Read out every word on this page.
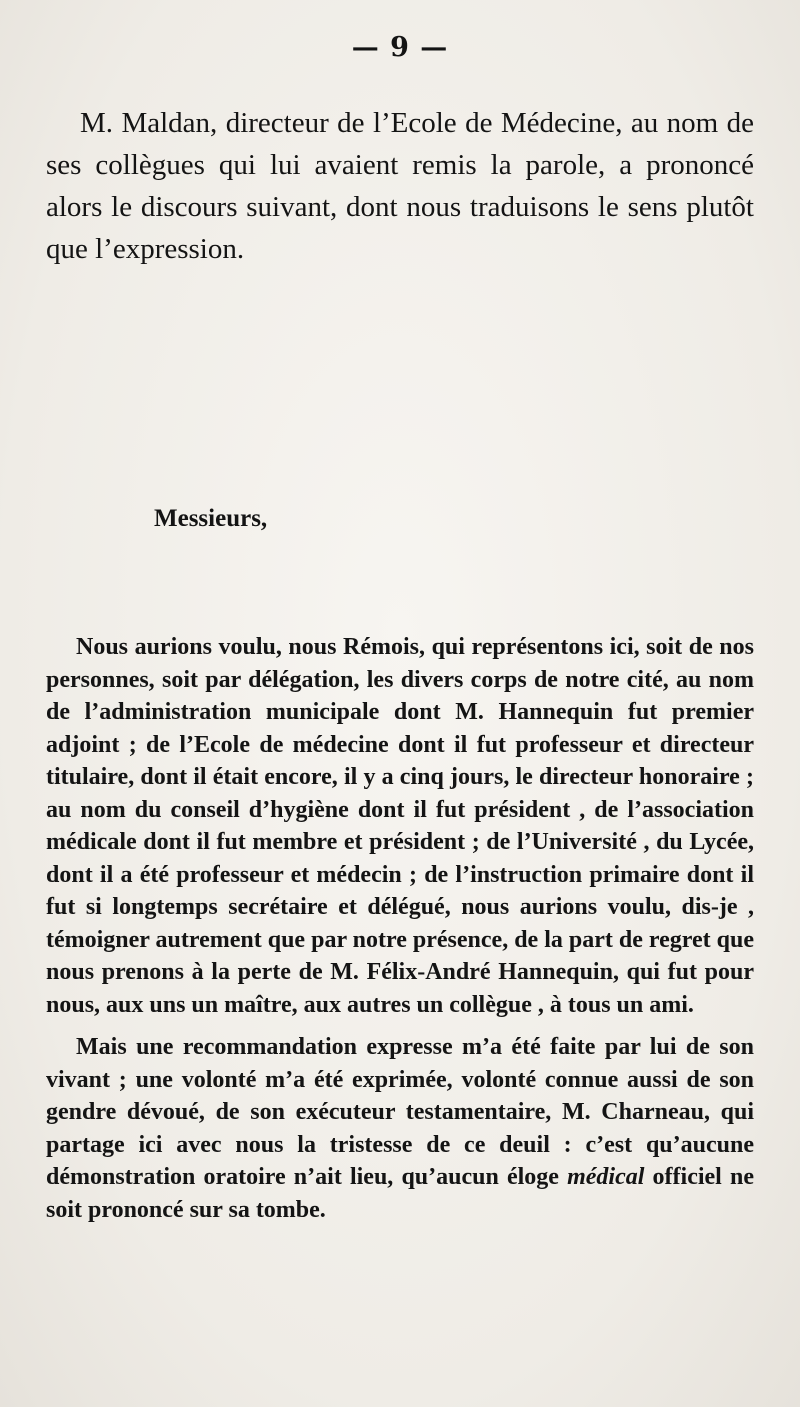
— 9 —

M. Maldan, directeur de l’Ecole de Médecine, au nom de ses collègues qui lui avaient remis la parole, a prononcé alors le discours suivant, dont nous traduisons le sens plutôt que l’expression.

Messieurs,

Nous aurions voulu, nous Rémois, qui représentons ici, soit de nos personnes, soit par délégation, les divers corps de notre cité, au nom de l’administration municipale dont M. Hannequin fut premier adjoint ; de l’Ecole de médecine dont il fut professeur et directeur titulaire, dont il était encore, il y a cinq jours, le directeur honoraire ; au nom du conseil d’hygiène dont il fut président , de l’association médicale dont il fut membre et président ; de l’Université , du Lycée, dont il a été professeur et médecin ; de l’instruction primaire dont il fut si longtemps secrétaire et délégué, nous aurions voulu, dis-je , témoigner autrement que par notre présence, de la part de regret que nous prenons à la perte de M. Félix-André Hannequin, qui fut pour nous, aux uns un maître, aux autres un collègue , à tous un ami.

Mais une recommandation expresse m’a été faite par lui de son vivant ; une volonté m’a été exprimée, volonté connue aussi de son gendre dévoué, de son exécuteur testamentaire, M. Charneau, qui partage ici avec nous la tristesse de ce deuil : c’est qu’aucune démonstration oratoire n’ait lieu, qu’aucun éloge médical officiel ne soit prononcé sur sa tombe.
